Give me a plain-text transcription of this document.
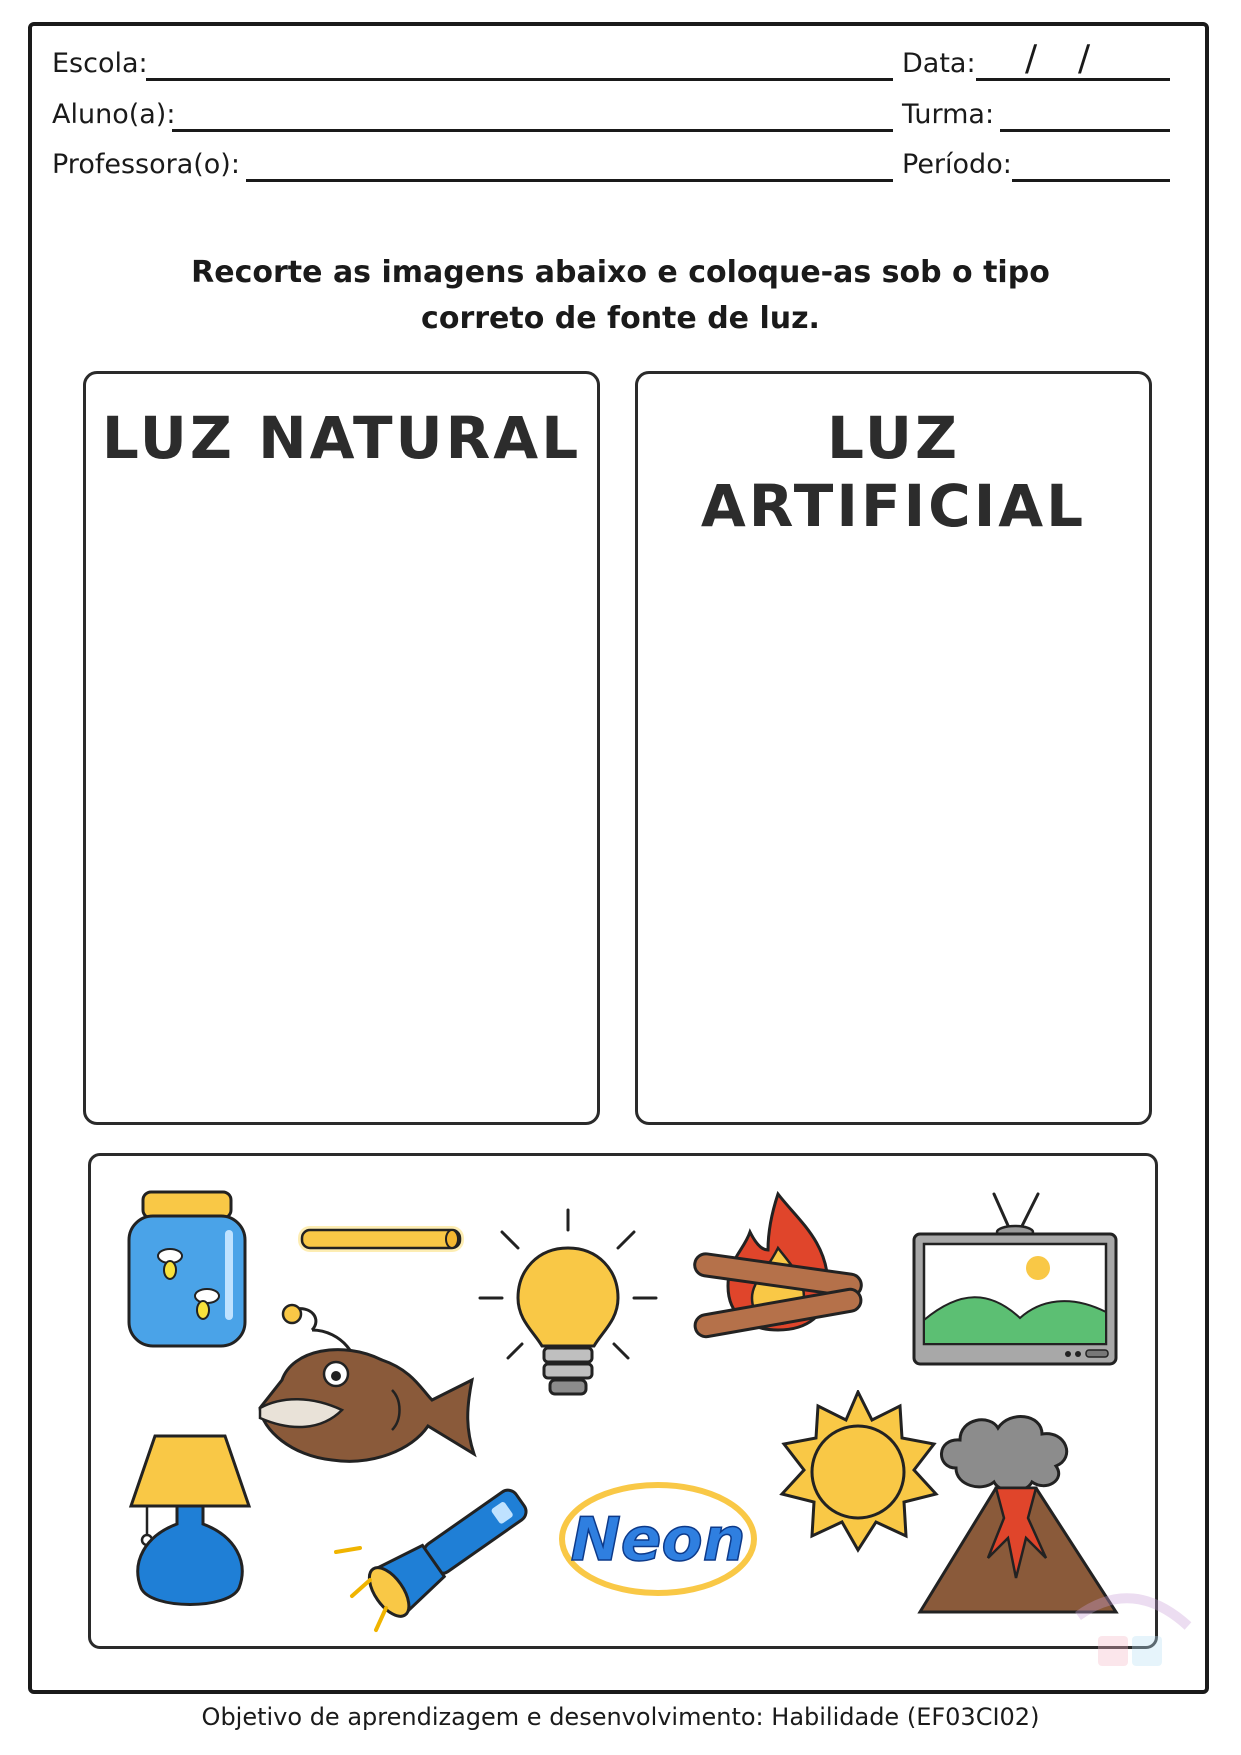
Escola:
Aluno(a):
Professora(o):
Data: / /
Turma:
Período:
Recorte as imagens abaixo e coloque-as sob o tipo
correto de fonte de luz.
LUZ NATURAL	LUZ ARTIFICIAL
Neon
Objetivo de aprendizagem e desenvolvimento: Habilidade (EF03CI02)
